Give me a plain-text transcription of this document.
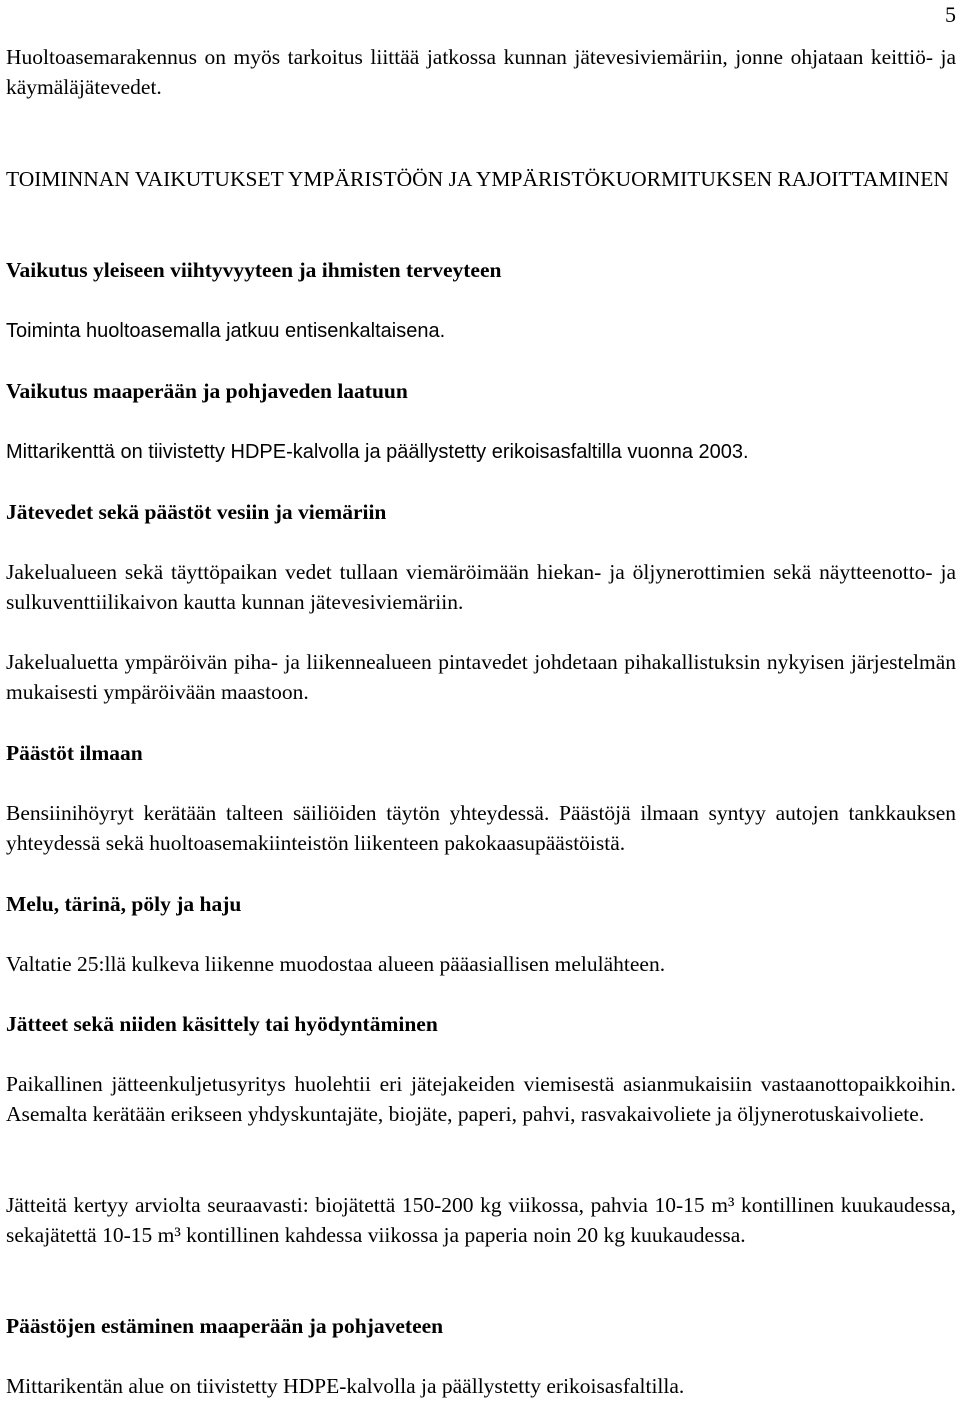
5

Huoltoasemarakennus on myös tarkoitus liittää jatkossa kunnan jätevesiviemäriin, jonne ohjataan keittiö- ja käymäläjätevedet.

TOIMINNAN VAIKUTUKSET YMPÄRISTÖÖN JA YMPÄRISTÖKUORMITUKSEN RAJOITTAMINEN

Vaikutus yleiseen viihtyvyyteen ja ihmisten terveyteen

Toiminta huoltoasemalla jatkuu entisenkaltaisena.

Vaikutus maaperään ja pohjaveden laatuun

Mittarikenttä on tiivistetty HDPE-kalvolla ja päällystetty erikoisasfaltilla vuonna 2003.

Jätevedet sekä päästöt vesiin ja viemäriin

Jakelualueen sekä täyttöpaikan vedet tullaan viemäröimään hiekan- ja öljynerottimien sekä näytteenotto- ja sulkuventtiilikaivon kautta kunnan jätevesiviemäriin.

Jakelualuetta ympäröivän piha- ja liikennealueen pintavedet johdetaan pihakallistuksin nykyisen järjestelmän mukaisesti ympäröivään maastoon.

Päästöt ilmaan

Bensiinihöyryt kerätään talteen säiliöiden täytön yhteydessä. Päästöjä ilmaan syntyy autojen tankkauksen yhteydessä sekä huoltoasemakiinteistön liikenteen pakokaasupäästöistä.

Melu, tärinä, pöly ja haju

Valtatie 25:llä kulkeva liikenne muodostaa alueen pääasiallisen melulähteen.

Jätteet sekä niiden käsittely tai hyödyntäminen

Paikallinen jätteenkuljetusyritys huolehtii eri jätejakeiden viemisestä asianmukaisiin vastaanottopaikkoihin. Asemalta kerätään erikseen yhdyskuntajäte, biojäte, paperi, pahvi, rasvakaivoliete ja öljynerotuskaivoliete.

Jätteitä kertyy arviolta seuraavasti: biojätettä 150-200 kg viikossa, pahvia 10-15 m³ kontillinen kuukaudessa, sekajätettä 10-15 m³ kontillinen kahdessa viikossa ja paperia noin 20 kg kuukaudessa.

Päästöjen estäminen maaperään ja pohjaveteen

Mittarikentän alue on tiivistetty HDPE-kalvolla ja päällystetty erikoisasfaltilla.
